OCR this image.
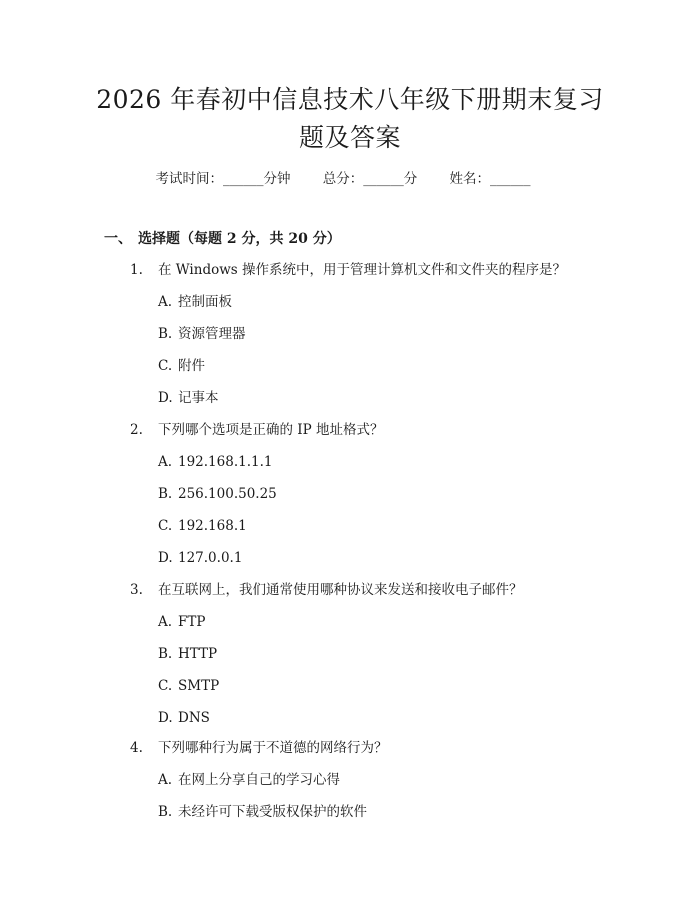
2026 年春初中信息技术八年级下册期末复习
题及答案
考试时间：______分钟 总分：______分 姓名：______
一、 选择题（每题 2 分，共 20 分）
1. 在 Windows 操作系统中，用于管理计算机文件和文件夹的程序是？
A. 控制面板
B. 资源管理器
C. 附件
D. 记事本
2. 下列哪个选项是正确的 IP 地址格式？
A. 192.168.1.1.1
B. 256.100.50.25
C. 192.168.1
D. 127.0.0.1
3. 在互联网上，我们通常使用哪种协议来发送和接收电子邮件？
A. FTP
B. HTTP
C. SMTP
D. DNS
4. 下列哪种行为属于不道德的网络行为？
A. 在网上分享自己的学习心得
B. 未经许可下载受版权保护的软件
